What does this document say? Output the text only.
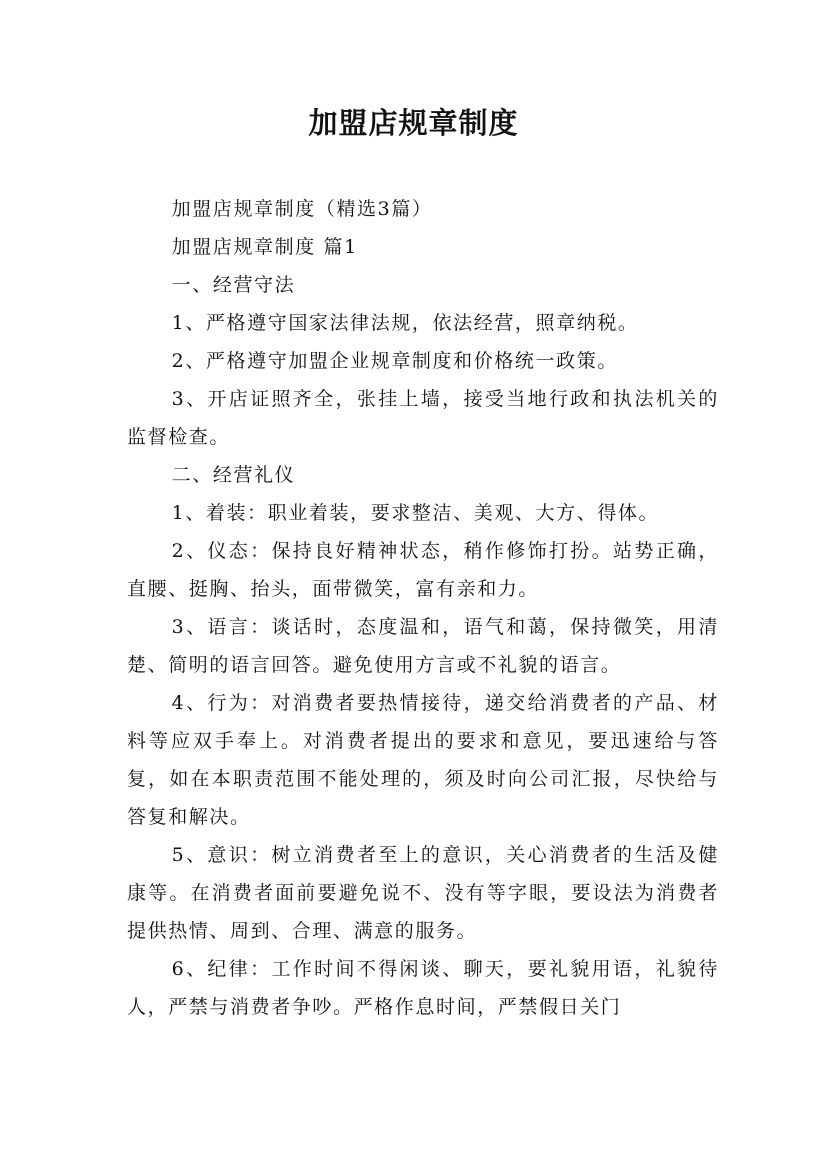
加盟店规章制度

加盟店规章制度（精选3篇）

加盟店规章制度 篇1

一、经营守法

1、严格遵守国家法律法规，依法经营，照章纳税。

2、严格遵守加盟企业规章制度和价格统一政策。

3、开店证照齐全，张挂上墙，接受当地行政和执法机关的监督检查。

二、经营礼仪

1、着装：职业着装，要求整洁、美观、大方、得体。

2、仪态：保持良好精神状态，稍作修饰打扮。站势正确，直腰、挺胸、抬头，面带微笑，富有亲和力。

3、语言：谈话时，态度温和，语气和蔼，保持微笑，用清楚、简明的语言回答。避免使用方言或不礼貌的语言。

4、行为：对消费者要热情接待，递交给消费者的产品、材料等应双手奉上。对消费者提出的要求和意见，要迅速给与答复，如在本职责范围不能处理的，须及时向公司汇报，尽快给与答复和解决。

5、意识：树立消费者至上的意识，关心消费者的生活及健康等。在消费者面前要避免说不、没有等字眼，要设法为消费者提供热情、周到、合理、满意的服务。

6、纪律：工作时间不得闲谈、聊天，要礼貌用语，礼貌待人，严禁与消费者争吵。严格作息时间，严禁假日关门
